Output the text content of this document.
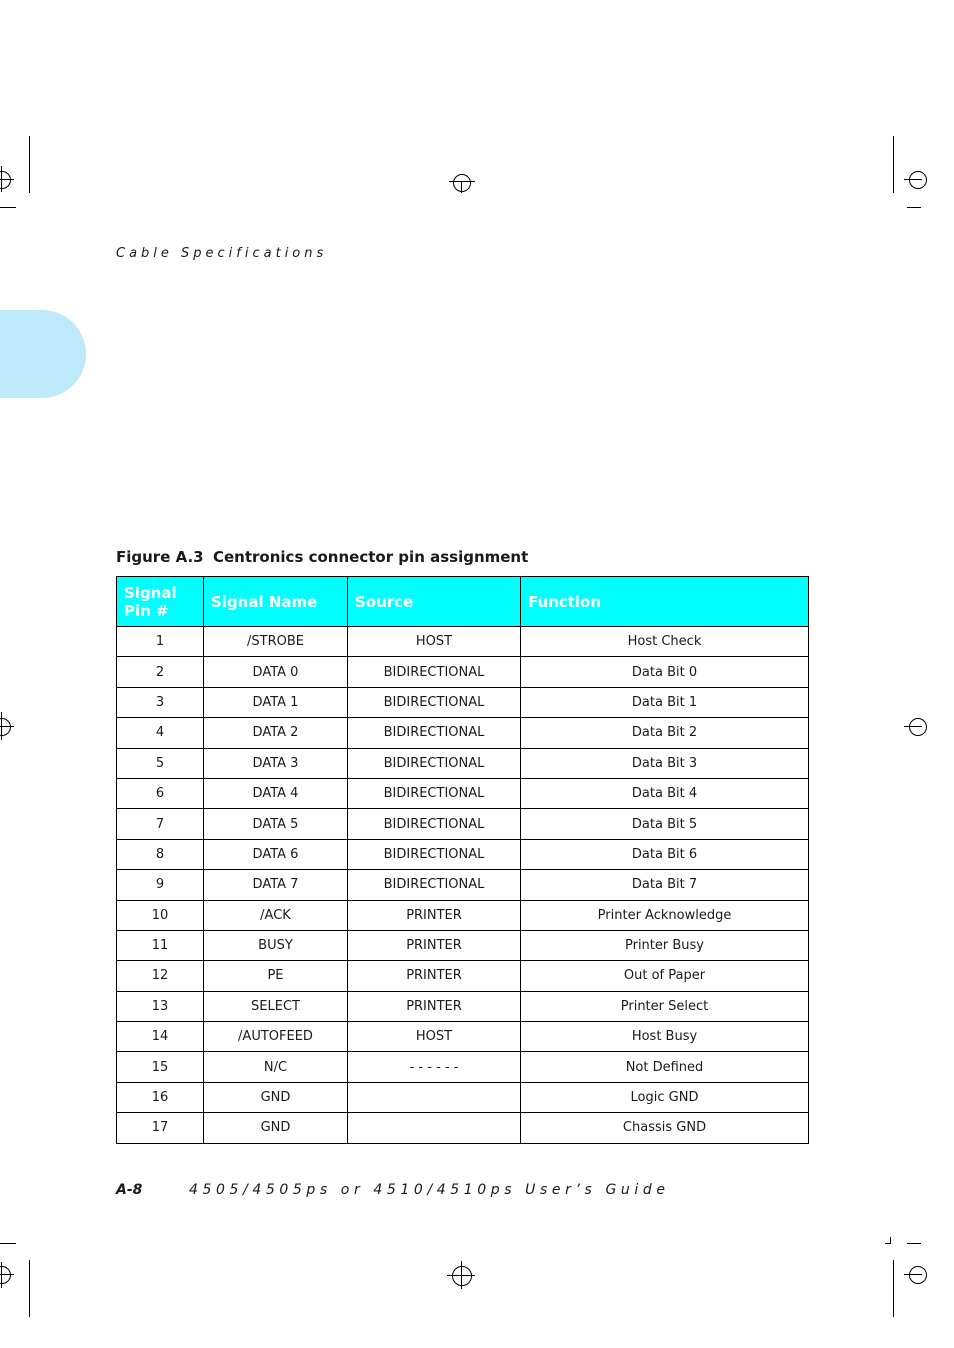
Cable Specifications
Figure A.3 Centronics connector pin assignment
Signal Pin #	Signal Name	Source	Function
1	/STROBE	HOST	Host Check
2	DATA 0	BIDIRECTIONAL	Data Bit 0
3	DATA 1	BIDIRECTIONAL	Data Bit 1
4	DATA 2	BIDIRECTIONAL	Data Bit 2
5	DATA 3	BIDIRECTIONAL	Data Bit 3
6	DATA 4	BIDIRECTIONAL	Data Bit 4
7	DATA 5	BIDIRECTIONAL	Data Bit 5
8	DATA 6	BIDIRECTIONAL	Data Bit 6
9	DATA 7	BIDIRECTIONAL	Data Bit 7
10	/ACK	PRINTER	Printer Acknowledge
11	BUSY	PRINTER	Printer Busy
12	PE	PRINTER	Out of Paper
13	SELECT	PRINTER	Printer Select
14	/AUTOFEED	HOST	Host Busy
15	N/C	- - - - - -	Not Defined
16	GND		Logic GND
17	GND		Chassis GND
A-8	4505/4505ps or 4510/4510ps User’s Guide
